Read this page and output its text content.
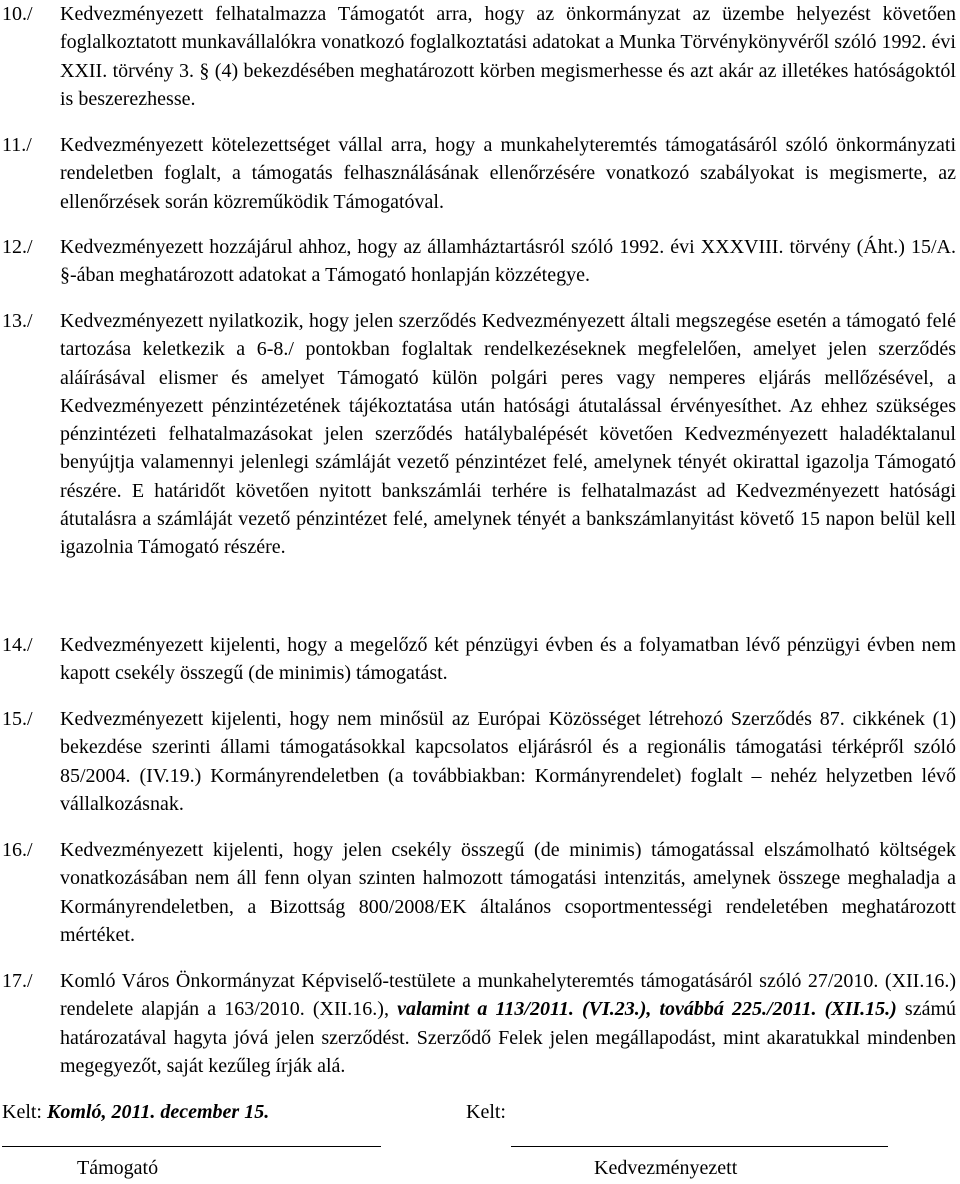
10./ Kedvezményezett felhatalmazza Támogatót arra, hogy az önkormányzat az üzembe helyezést követően foglalkoztatott munkavállalókra vonatkozó foglalkoztatási adatokat a Munka Törvénykönyvéről szóló 1992. évi XXII. törvény 3. § (4) bekezdésében meghatározott körben megismerhesse és azt akár az illetékes hatóságoktól is beszerezhesse.
11./ Kedvezményezett kötelezettséget vállal arra, hogy a munkahelyteremtés támogatásáról szóló önkormányzati rendeletben foglalt, a támogatás felhasználásának ellenőrzésére vonatkozó szabályokat is megismerte, az ellenőrzések során közreműködik Támogatóval.
12./ Kedvezményezett hozzájárul ahhoz, hogy az államháztartásról szóló 1992. évi XXXVIII. törvény (Áht.) 15/A. §-ában meghatározott adatokat a Támogató honlapján közzétegye.
13./ Kedvezményezett nyilatkozik, hogy jelen szerződés Kedvezményezett általi megszegése esetén a támogató felé tartozása keletkezik a 6-8./ pontokban foglaltak rendelkezéseknek megfelelően, amelyet jelen szerződés aláírásával elismer és amelyet Támogató külön polgári peres vagy nemperes eljárás mellőzésével, a Kedvezményezett pénzintézetének tájékoztatása után hatósági átutalással érvényesíthet. Az ehhez szükséges pénzintézeti felhatalmazásokat jelen szerződés hatálybalépését követően Kedvezményezett haladéktalanul benyújtja valamennyi jelenlegi számláját vezető pénzintézet felé, amelynek tényét okirattal igazolja Támogató részére. E határidőt követően nyitott bankszámlái terhére is felhatalmazást ad Kedvezményezett hatósági átutalásra a számláját vezető pénzintézet felé, amelynek tényét a bankszámlanyitást követő 15 napon belül kell igazolnia Támogató részére.
14./ Kedvezményezett kijelenti, hogy a megelőző két pénzügyi évben és a folyamatban lévő pénzügyi évben nem kapott csekély összegű (de minimis) támogatást.
15./ Kedvezményezett kijelenti, hogy nem minősül az Európai Közösséget létrehozó Szerződés 87. cikkének (1) bekezdése szerinti állami támogatásokkal kapcsolatos eljárásról és a regionális támogatási térképről szóló 85/2004. (IV.19.) Kormányrendeletben (a továbbiakban: Kormányrendelet) foglalt – nehéz helyzetben lévő vállalkozásnak.
16./ Kedvezményezett kijelenti, hogy jelen csekély összegű (de minimis) támogatással elszámolható költségek vonatkozásában nem áll fenn olyan szinten halmozott támogatási intenzitás, amelynek összege meghaladja a Kormányrendeletben, a Bizottság 800/2008/EK általános csoportmentességi rendeletében meghatározott mértéket.
17./ Komló Város Önkormányzat Képviselő-testülete a munkahelyteremtés támogatásáról szóló 27/2010. (XII.16.) rendelete alapján a 163/2010. (XII.16.), valamint a 113/2011. (VI.23.), továbbá 225./2011. (XII.15.) számú határozatával hagyta jóvá jelen szerződést. Szerződő Felek jelen megállapodást, mint akaratukkal mindenben megegyezőt, saját kezűleg írják alá.
Kelt: Komló, 2011. december 15.	Kelt:
Támogató	Kedvezményezett
